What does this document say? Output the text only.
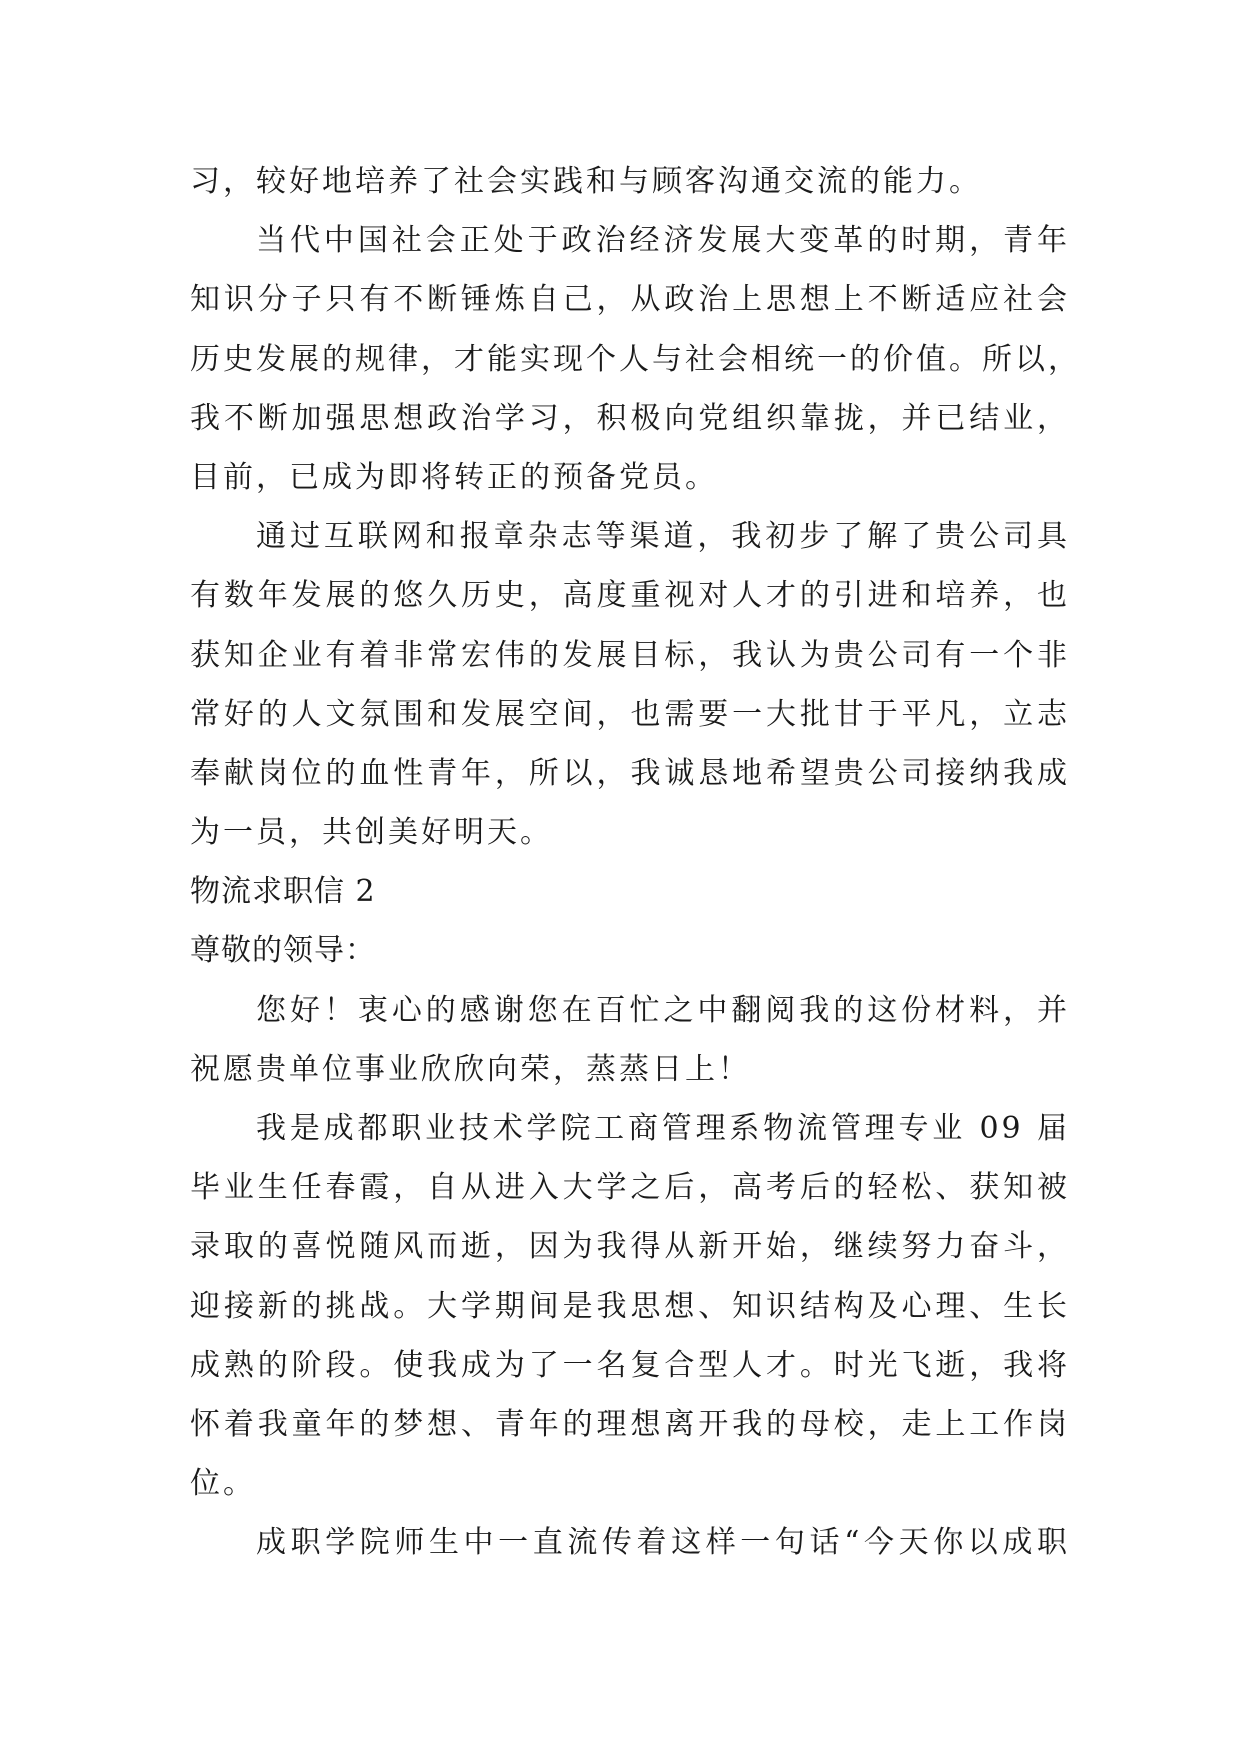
习，较好地培养了社会实践和与顾客沟通交流的能力。
当代中国社会正处于政治经济发展大变革的时期，青年
知识分子只有不断锤炼自己，从政治上思想上不断适应社会
历史发展的规律，才能实现个人与社会相统一的价值。所以，
我不断加强思想政治学习，积极向党组织靠拢，并已结业，
目前，已成为即将转正的预备党员。
通过互联网和报章杂志等渠道，我初步了解了贵公司具
有数年发展的悠久历史，高度重视对人才的引进和培养，也
获知企业有着非常宏伟的发展目标，我认为贵公司有一个非
常好的人文氛围和发展空间，也需要一大批甘于平凡，立志
奉献岗位的血性青年，所以，我诚恳地希望贵公司接纳我成
为一员，共创美好明天。
物流求职信 2
尊敬的领导：
您好！衷心的感谢您在百忙之中翻阅我的这份材料，并
祝愿贵单位事业欣欣向荣，蒸蒸日上！
我是成都职业技术学院工商管理系物流管理专业 09 届
毕业生任春霞，自从进入大学之后，高考后的轻松、获知被
录取的喜悦随风而逝，因为我得从新开始，继续努力奋斗，
迎接新的挑战。大学期间是我思想、知识结构及心理、生长
成熟的阶段。使我成为了一名复合型人才。时光飞逝，我将
怀着我童年的梦想、青年的理想离开我的母校，走上工作岗
位。
成职学院师生中一直流传着这样一句话“今天你以成职
